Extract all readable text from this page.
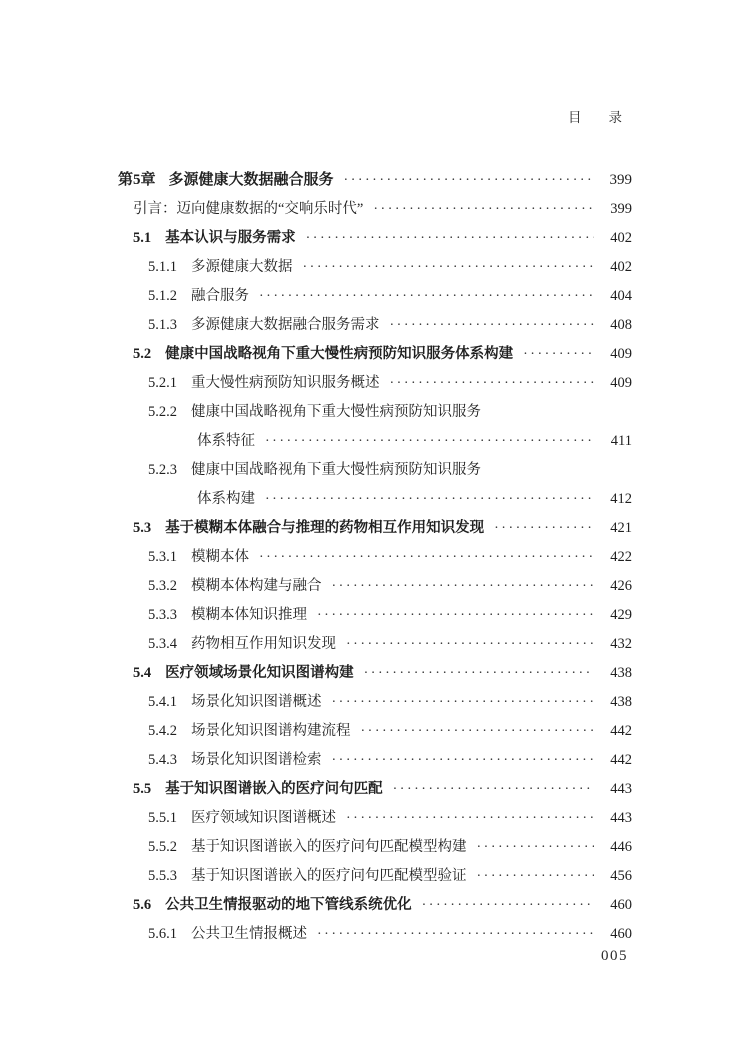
目　　录
第5章 多源健康大数据融合服务 ·····	399
引言：迈向健康数据的“交响乐时代” ·····	399
5.1 基本认识与服务需求 ·····	402
5.1.1 多源健康大数据 ·····	402
5.1.2 融合服务 ·····	404
5.1.3 多源健康大数据融合服务需求 ·····	408
5.2 健康中国战略视角下重大慢性病预防知识服务体系构建 ·····	409
5.2.1 重大慢性病预防知识服务概述 ·····	409
5.2.2 健康中国战略视角下重大慢性病预防知识服务
体系特征 ·····	411
5.2.3 健康中国战略视角下重大慢性病预防知识服务
体系构建 ·····	412
5.3 基于模糊本体融合与推理的药物相互作用知识发现 ·····	421
5.3.1 模糊本体 ·····	422
5.3.2 模糊本体构建与融合 ·····	426
5.3.3 模糊本体知识推理 ·····	429
5.3.4 药物相互作用知识发现 ·····	432
5.4 医疗领域场景化知识图谱构建 ·····	438
5.4.1 场景化知识图谱概述 ·····	438
5.4.2 场景化知识图谱构建流程 ·····	442
5.4.3 场景化知识图谱检索 ·····	442
5.5 基于知识图谱嵌入的医疗问句匹配 ·····	443
5.5.1 医疗领域知识图谱概述 ·····	443
5.5.2 基于知识图谱嵌入的医疗问句匹配模型构建 ·····	446
5.5.3 基于知识图谱嵌入的医疗问句匹配模型验证 ·····	456
5.6 公共卫生情报驱动的地下管线系统优化 ·····	460
5.6.1 公共卫生情报概述 ·····	460
005
